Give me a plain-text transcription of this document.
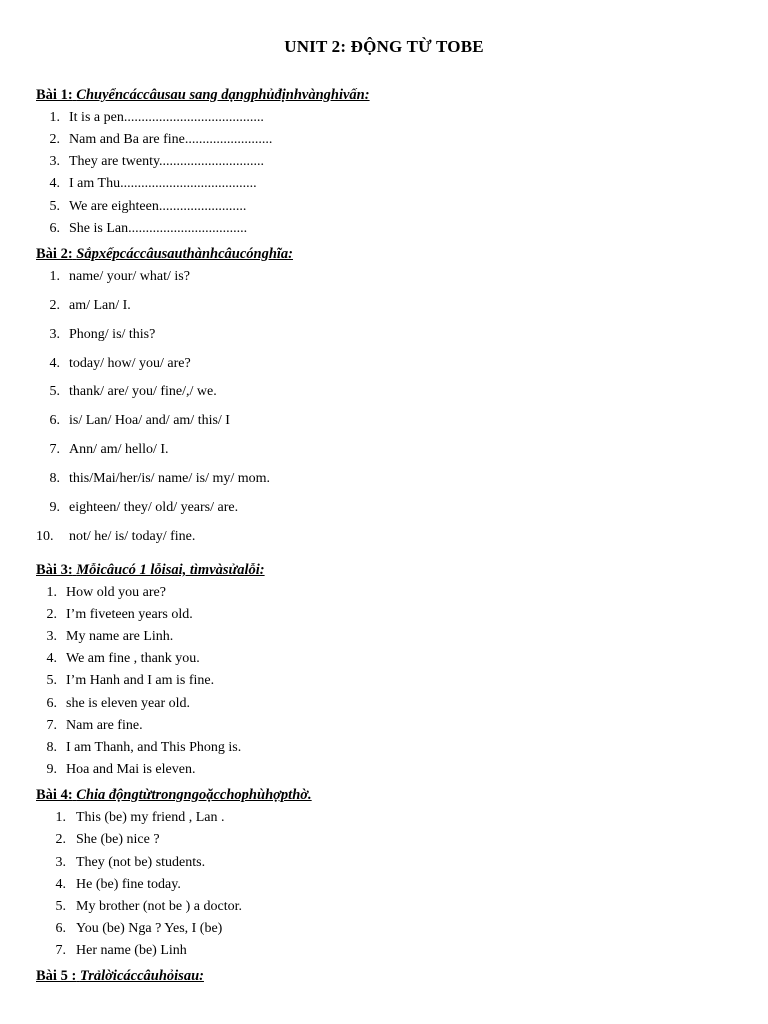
UNIT 2: ĐỘNG TỪ TOBE
Bài 1: Chuyểncáccâusau sang dạngphủđịnhvànghivấn:
1. It is a pen........................................
2. Nam and Ba are fine.........................
3. They are twenty..............................
4. I am Thu.......................................
5. We are eighteen.........................
6. She is Lan..................................
Bài 2: Sắpxếpcáccâusauthànhcâucónghĩa:
1. name/ your/ what/ is?
2. am/ Lan/ I.
3. Phong/ is/ this?
4. today/ how/ you/ are?
5. thank/ are/ you/ fine/,/ we.
6. is/ Lan/ Hoa/ and/ am/ this/ I
7. Ann/ am/ hello/ I.
8. this/Mai/her/is/ name/ is/ my/ mom.
9. eighteen/ they/ old/ years/ are.
10.	not/ he/ is/ today/ fine.
Bài 3: Mỗicâucó 1 lỗisai, tìmvàsửalỗi:
1. How old you are?
2. I’m fiveteen years old.
3. My name are Linh.
4. We am fine , thank you.
5. I’m Hanh and I am is fine.
6. she is eleven year old.
7. Nam are fine.
8. I am Thanh, and This Phong is.
9. Hoa and Mai is eleven.
Bài 4: Chia độngtừtrongngoặcchophùhợpthờ.
1. This (be) my friend , Lan .
2. She (be) nice ?
3. They (not be) students.
4. He (be) fine today.
5. My brother (not be ) a doctor.
6. You (be) Nga ? Yes, I (be)
7. Her name (be) Linh
Bài 5 : Trảlờicáccâuhỏisau:
